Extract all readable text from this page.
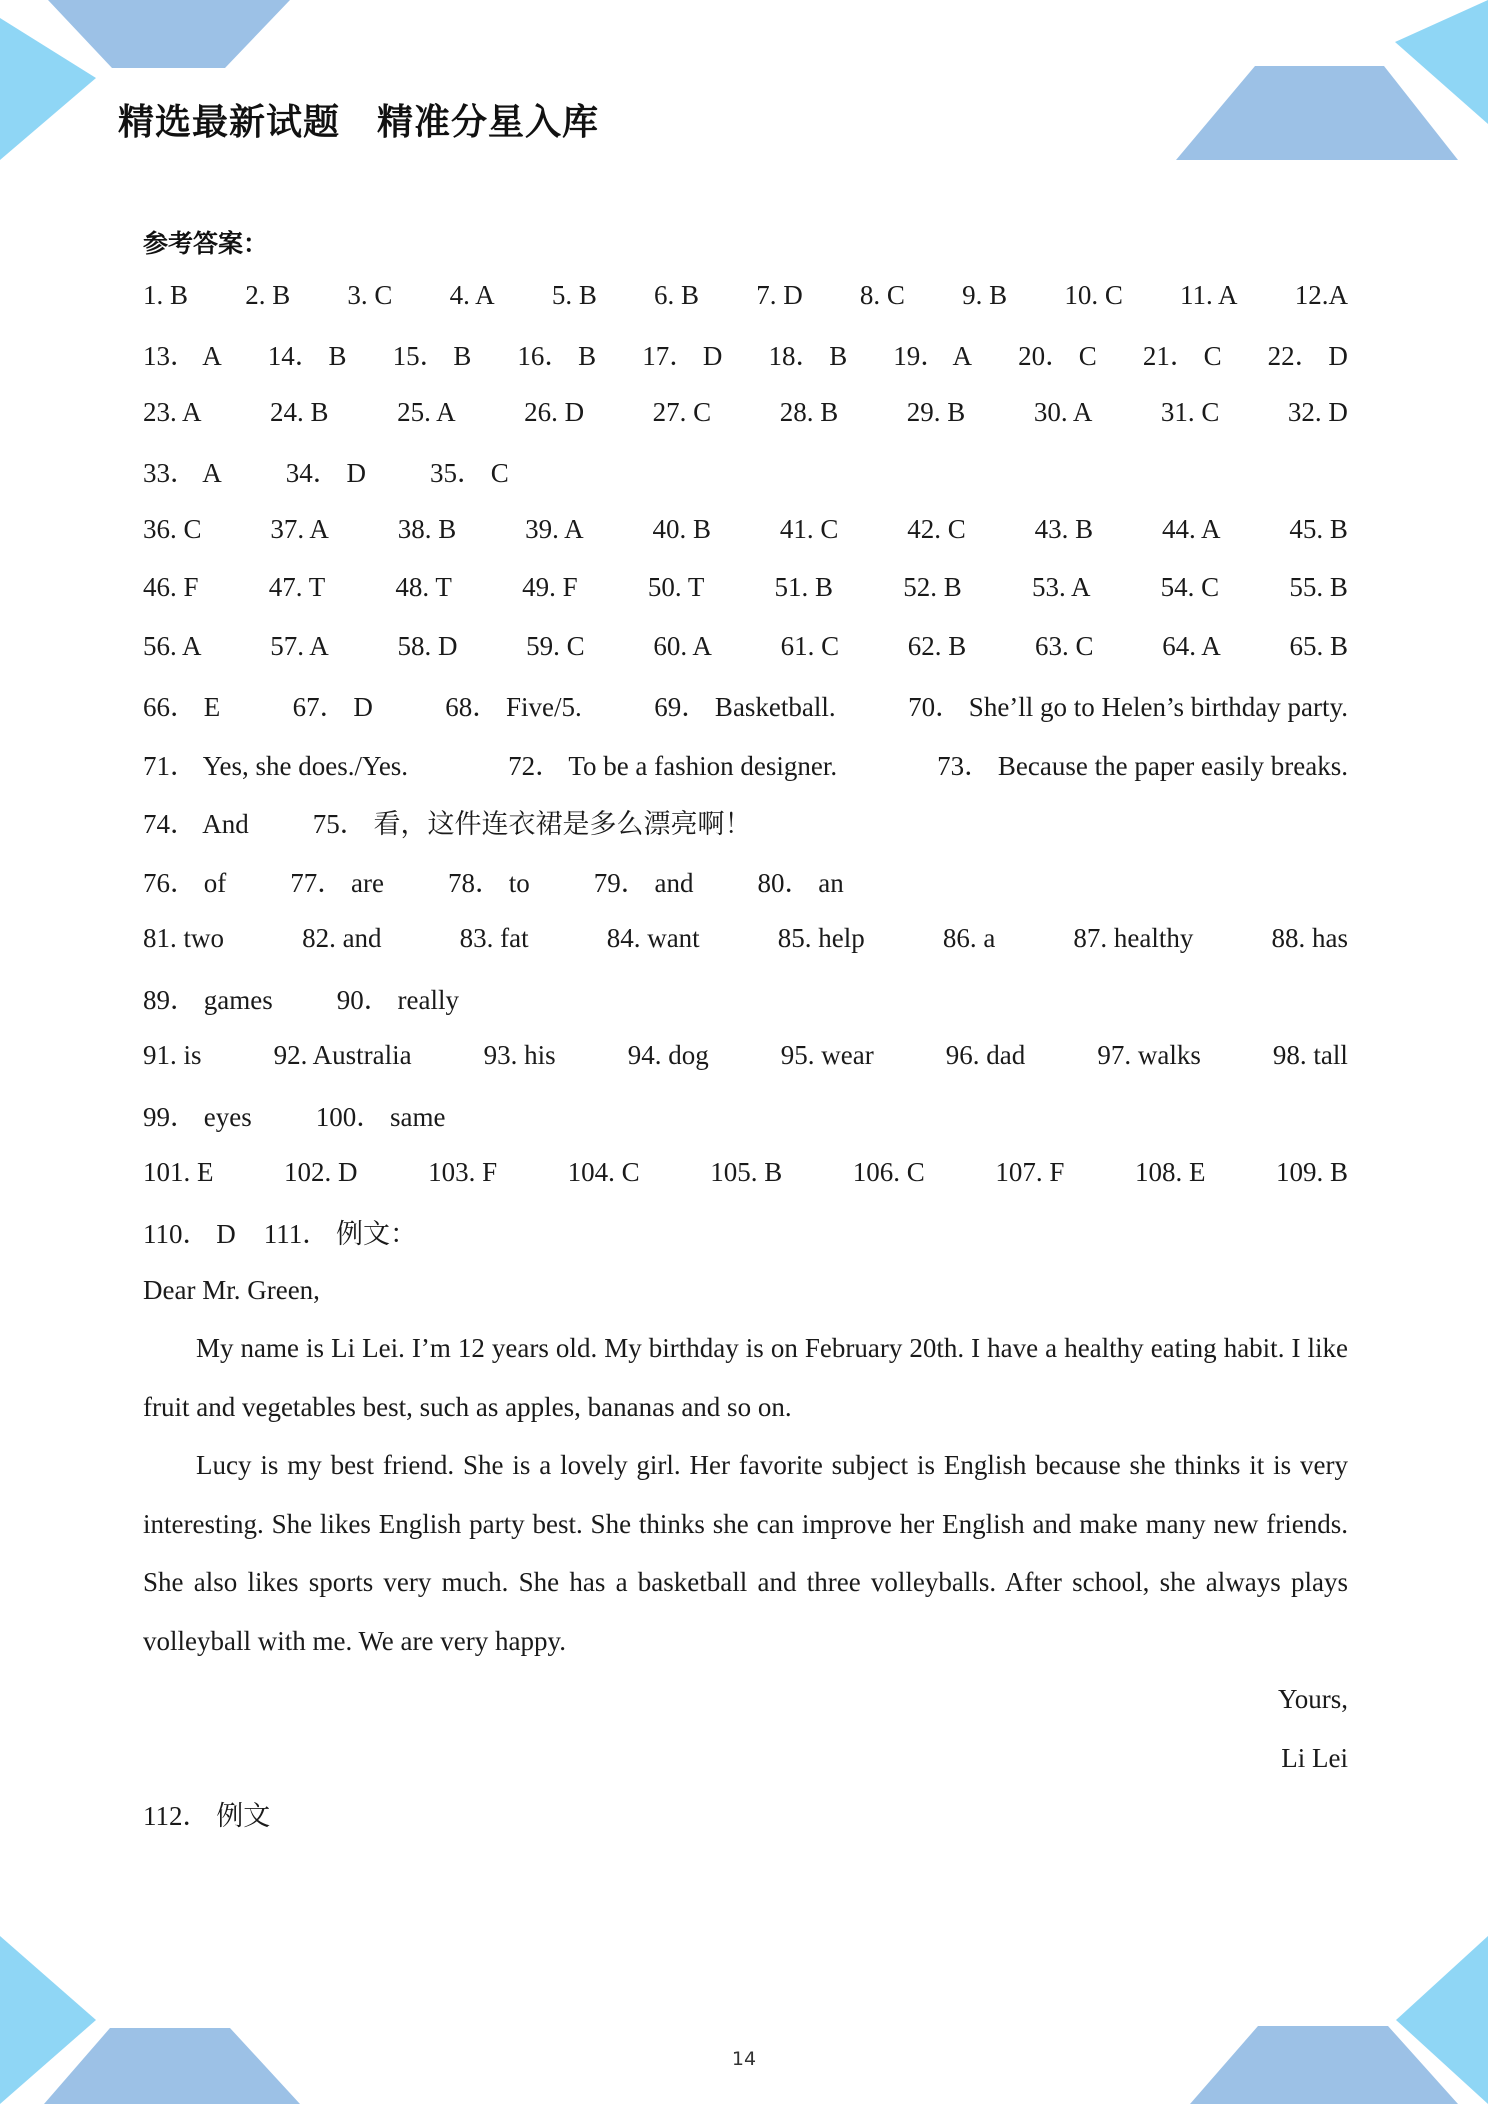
精选最新试题　精准分星入库
参考答案：
1. B 2. B 3. C 4. A 5. B 6. B 7. D 8. C 9. B 10. C 11. A 12.A
13． A 14． B 15． B 16． B 17． D 18． B 19． A 20． C 21． C 22． D
23. A	24. B	25. A	26. D	27. C	28. B	29. B	30. A	31. C	32. D
33． A 34． D 35． C
36. C	37. A	38. B	39. A	40. B	41. C	42. C	43. B	44. A	45. B
46. F	47. T	48. T	49. F	50. T	51. B	52. B	53. A	54. C	55. B
56. A	57. A	58. D	59. C	60. A	61. C	62. B	63. C	64. A	65. B
66． E	67． D	68． Five/5.	69． Basketball.	70． She’ll go to Helen’s birthday party.
71． Yes, she does./Yes.	72． To be a fashion designer.	73． Because the paper easily breaks.
74． And 75． 看，这件连衣裙是多么漂亮啊！
76． of 77． are 78． to 79． and 80． an
81. two	82. and	83. fat	84. want	85. help	86. a	87. healthy	88. has
89． games 90． really
91. is	92. Australia	93. his	94. dog	95. wear	96. dad	97. walks	98. tall
99． eyes 100． same
101. E	102. D	103. F	104. C	105. B	106. C	107. F	108. E	109. B
110． D 111． 例文：
Dear Mr. Green,

My name is Li Lei. I’m 12 years old. My birthday is on February 20th. I have a healthy eating habit. I like fruit and vegetables best, such as apples, bananas and so on.

Lucy is my best friend. She is a lovely girl. Her favorite subject is English because she thinks it is very interesting. She likes English party best. She thinks she can improve her English and make many new friends. She also likes sports very much. She has a basketball and three volleyballs. After school, she always plays volleyball with me. We are very happy.

Yours,
Li Lei
112． 例文
14
